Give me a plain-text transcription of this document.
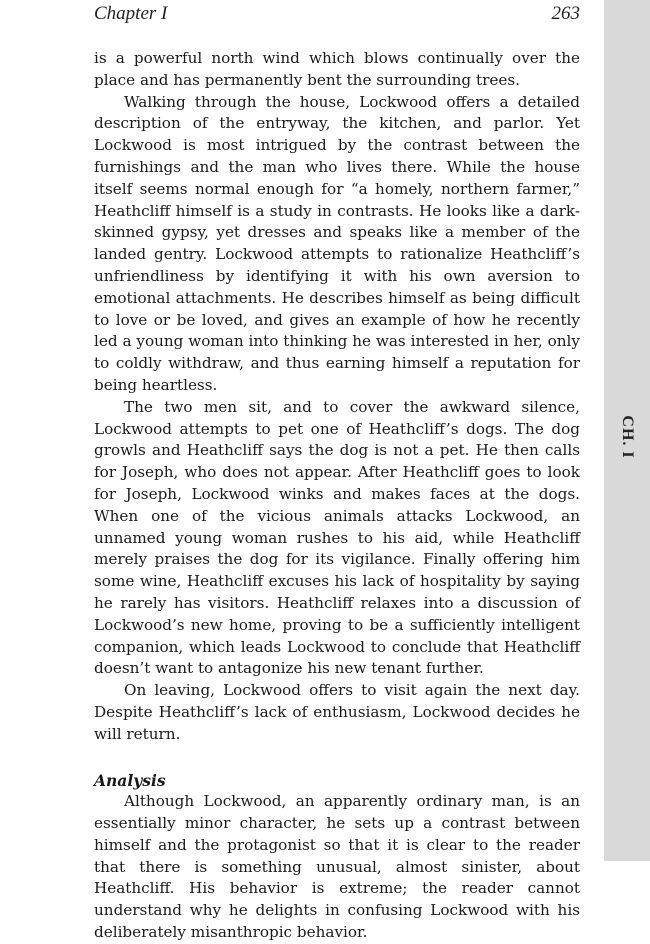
Chapter I	263
CH. I

is a powerful north wind which blows continually over the place and has permanently bent the surrounding trees.

Walking through the house, Lockwood offers a detailed description of the entryway, the kitchen, and parlor. Yet Lockwood is most intrigued by the contrast between the furnishings and the man who lives there. While the house itself seems normal enough for “a homely, northern farmer,” Heathcliff himself is a study in contrasts. He looks like a dark-skinned gypsy, yet dresses and speaks like a member of the landed gentry. Lockwood attempts to rationalize Heathcliff’s unfriendliness by identifying it with his own aversion to emotional attachments. He describes himself as being difficult to love or be loved, and gives an example of how he recently led a young woman into thinking he was interested in her, only to coldly withdraw, and thus earning himself a reputation for being heartless.

The two men sit, and to cover the awkward silence, Lockwood attempts to pet one of Heathcliff’s dogs. The dog growls and Heathcliff says the dog is not a pet. He then calls for Joseph, who does not appear. After Heathcliff goes to look for Joseph, Lockwood winks and makes faces at the dogs. When one of the vicious animals attacks Lockwood, an unnamed young woman rushes to his aid, while Heathcliff merely praises the dog for its vigilance. Finally offering him some wine, Heathcliff excuses his lack of hospitality by saying he rarely has visitors. Heathcliff relaxes into a discussion of Lockwood’s new home, proving to be a sufficiently intelligent companion, which leads Lockwood to conclude that Heathcliff doesn’t want to antagonize his new tenant further.

On leaving, Lockwood offers to visit again the next day. Despite Heathcliff’s lack of enthusiasm, Lockwood decides he will return.

Analysis

Although Lockwood, an apparently ordinary man, is an essentially minor character, he sets up a contrast between himself and the protagonist so that it is clear to the reader that there is something unusual, almost sinister, about Heathcliff. His behavior is extreme; the reader cannot understand why he delights in confusing Lockwood with his deliberately misanthropic behavior.
